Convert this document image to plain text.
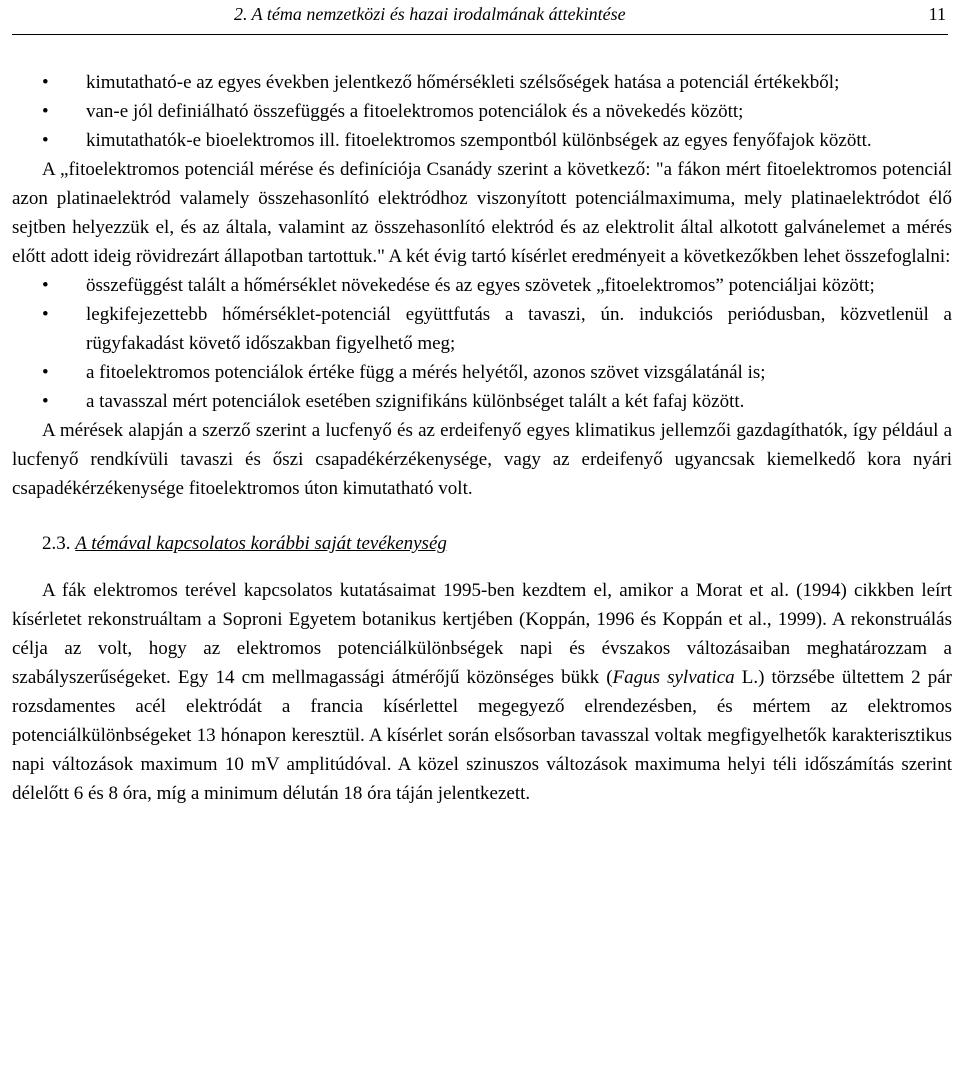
2. A téma nemzetközi és hazai irodalmának áttekintése	11
• kimutatható-e az egyes években jelentkező hőmérsékleti szélsőségek hatása a potenciál értékekből;
• van-e jól definiálható összefüggés a fitoelektromos potenciálok és a növekedés között;
• kimutathatók-e bioelektromos ill. fitoelektromos szempontból különbségek az egyes fenyőfajok között.

A „fitoelektromos potenciál mérése és definíciója Csanády szerint a következő: "a fákon mért fitoelektromos potenciál azon platinaelektród valamely összehasonlító elektródhoz viszonyított potenciálmaximuma, mely platinaelektródot élő sejtben helyezzük el, és az általa, valamint az összehasonlító elektród és az elektrolit által alkotott galvánelemet a mérés előtt adott ideig rövidrezárt állapotban tartottuk." A két évig tartó kísérlet eredményeit a következőkben lehet összefoglalni:

• összefüggést talált a hőmérséklet növekedése és az egyes szövetek „fitoelektromos” potenciáljai között;
• legkifejezettebb hőmérséklet-potenciál együttfutás a tavaszi, ún. indukciós periódusban, közvetlenül a rügyfakadást követő időszakban figyelhető meg;
• a fitoelektromos potenciálok értéke függ a mérés helyétől, azonos szövet vizsgálatánál is;
• a tavasszal mért potenciálok esetében szignifikáns különbséget talált a két fafaj között.

A mérések alapján a szerző szerint a lucfenyő és az erdeifenyő egyes klimatikus jellemzői gazdagíthatók, így például a lucfenyő rendkívüli tavaszi és őszi csapadékérzékenysége, vagy az erdeifenyő ugyancsak kiemelkedő kora nyári csapadékérzékenysége fitoelektromos úton kimutatható volt.

2.3. A témával kapcsolatos korábbi saját tevékenység

A fák elektromos terével kapcsolatos kutatásaimat 1995-ben kezdtem el, amikor a Morat et al. (1994) cikkben leírt kísérletet rekonstruáltam a Soproni Egyetem botanikus kertjében (Koppán, 1996 és Koppán et al., 1999). A rekonstruálás célja az volt, hogy az elektromos potenciálkülönbségek napi és évszakos változásaiban meghatározzam a szabályszerűségeket. Egy 14 cm mellmagassági átmérőjű közönséges bükk (Fagus sylvatica L.) törzsébe ültettem 2 pár rozsdamentes acél elektródát a francia kísérlettel megegyező elrendezésben, és mértem az elektromos potenciálkülönbségeket 13 hónapon keresztül. A kísérlet során elsősorban tavasszal voltak megfigyelhetők karakterisztikus napi változások maximum 10 mV amplitúdóval. A közel szinuszos változások maximuma helyi téli időszámítás szerint délelőtt 6 és 8 óra, míg a minimum délután 18 óra táján jelentkezett.
